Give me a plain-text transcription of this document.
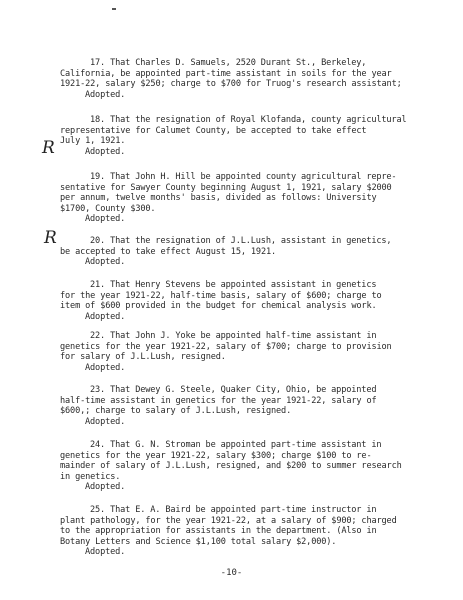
R
R
17. That Charles D. Samuels, 2520 Durant St., Berkeley,
California, be appointed part-time assistant in soils for the year
1921-22, salary $250; charge to $700 for Truog's research assistant;
Adopted.
18. That the resignation of Royal Klofanda, county agricultural
representative for Calumet County, be accepted to take effect
July 1, 1921.
Adopted.
19. That John H. Hill be appointed county agricultural repre-
sentative for Sawyer County beginning August 1, 1921, salary $2000
per annum, twelve months' basis, divided as follows: University
$1700, County $300.
Adopted.
20. That the resignation of J.L.Lush, assistant in genetics,
be accepted to take effect August 15, 1921.
Adopted.
21. That Henry Stevens be appointed assistant in genetics
for the year 1921-22, half-time basis, salary of $600; charge to
item of $600 provided in the budget for chemical analysis work.
Adopted.
22. That John J. Yoke be appointed half-time assistant in
genetics for the year 1921-22, salary of $700; charge to provision
for salary of J.L.Lush, resigned.
Adopted.
23. That Dewey G. Steele, Quaker City, Ohio, be appointed
half-time assistant in genetics for the year 1921-22, salary of
$600,; charge to salary of J.L.Lush, resigned.
Adopted.
24. That G. N. Stroman be appointed part-time assistant in
genetics for the year 1921-22, salary $300; charge $100 to re-
mainder of salary of J.L.Lush, resigned, and $200 to summer research
in genetics.
Adopted.
25. That E. A. Baird be appointed part-time instructor in
plant pathology, for the year 1921-22, at a salary of $900; charged
to the appropriation for assistants in the department. (Also in
Botany Letters and Science $1,100 total salary $2,000).
Adopted.
-10-
